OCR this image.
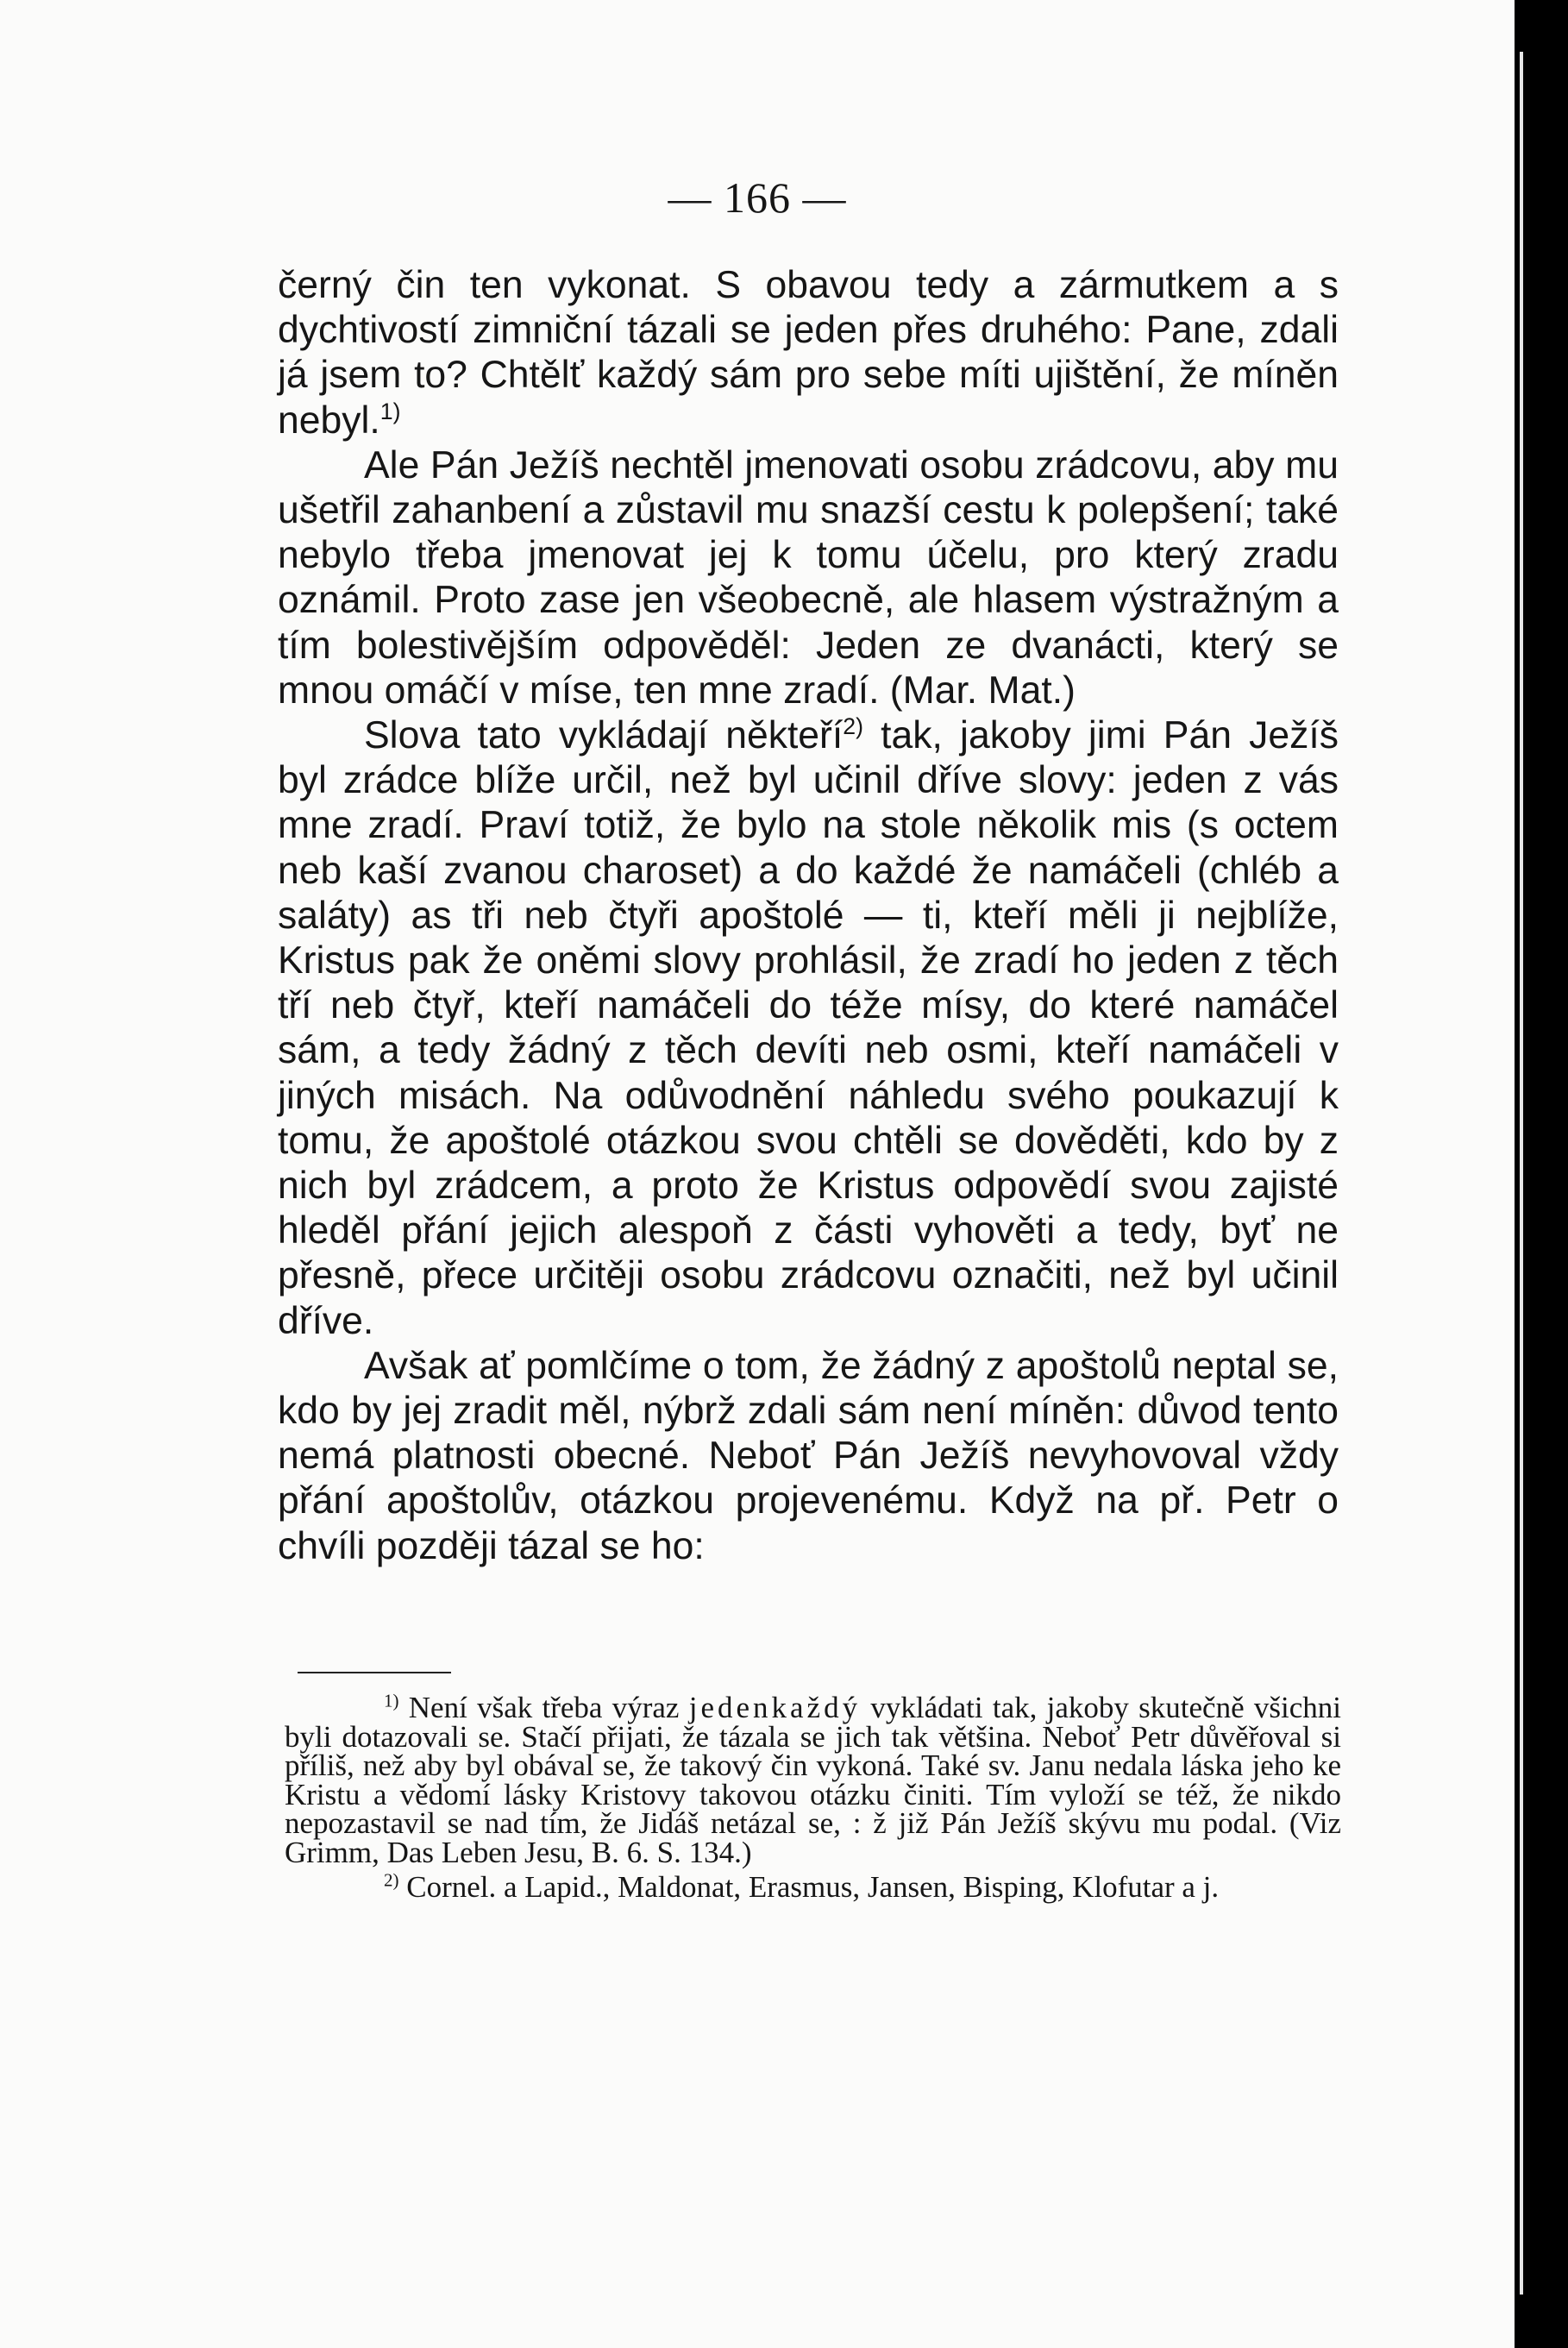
— 166 —

černý čin ten vykonat. S obavou tedy a zármutkem a s dychtivostí zimniční tázali se jeden přes druhého: Pane, zdali já jsem to? Chtělť každý sám pro sebe míti ujištění, že míněn nebyl.$^{1)}$

Ale Pán Ježíš nechtěl jmenovati osobu zrádcovu, aby mu ušetřil zahanbení a zůstavil mu snazší cestu k polepšení; také nebylo třeba jmenovat jej k tomu účelu, pro který zradu oznámil. Proto zase jen všeobecně, ale hlasem výstražným a tím bolestivějším odpověděl: Jeden ze dvanácti, který se mnou omáčí v míse, ten mne zradí. (Mar. Mat.)

Slova tato vykládají někteří$^{2)}$ tak, jakoby jimi Pán Ježíš byl zrádce blíže určil, než byl učinil dříve slovy: jeden z vás mne zradí. Praví totiž, že bylo na stole několik mis (s octem neb kaší zvanou charoset) a do každé že namáčeli (chléb a saláty) as tři neb čtyři apoštolé — ti, kteří měli ji nejblíže, Kristus pak že oněmi slovy prohlásil, že zradí ho jeden z těch tří neb čtyř, kteří namáčeli do téže mísy, do které namáčel sám, a tedy žádný z těch devíti neb osmi, kteří namáčeli v jiných misách. Na odůvodnění náhledu svého poukazují k tomu, že apoštolé otázkou svou chtěli se dověděti, kdo by z nich byl zrádcem, a proto že Kristus odpovědí svou zajisté hleděl přání jejich alespoň z části vyhověti a tedy, byť ne přesně, přece určitěji osobu zrádcovu označiti, než byl učinil dříve.

Avšak ať pomlčíme o tom, že žádný z apoštolů neptal se, kdo by jej zradit měl, nýbrž zdali sám není míněn: důvod tento nemá platnosti obecné. Neboť Pán Ježíš nevyhovoval vždy přání apoštolův, otázkou projevenému. Když na př. Petr o chvíli později tázal se ho:

$^{1)}$ Není však třeba výraz jedenkaždý vykládati tak, jakoby skutečně všichni byli dotazovali se. Stačí přijati, že tázala se jich tak většina. Neboť Petr důvěřoval si příliš, než aby byl obával se, že takový čin vykoná. Také sv. Janu nedala láska jeho ke Kristu a vědomí lásky Kristovy takovou otázku činiti. Tím vyloží se též, že nikdo nepozastavil se nad tím, že Jidáš netázal se, : ž již Pán Ježíš skývu mu podal. (Viz Grimm, Das Leben Jesu, B. 6. S. 134.)

$^{2)}$ Cornel. a Lapid., Maldonat, Erasmus, Jansen, Bisping, Klofutar a j.
